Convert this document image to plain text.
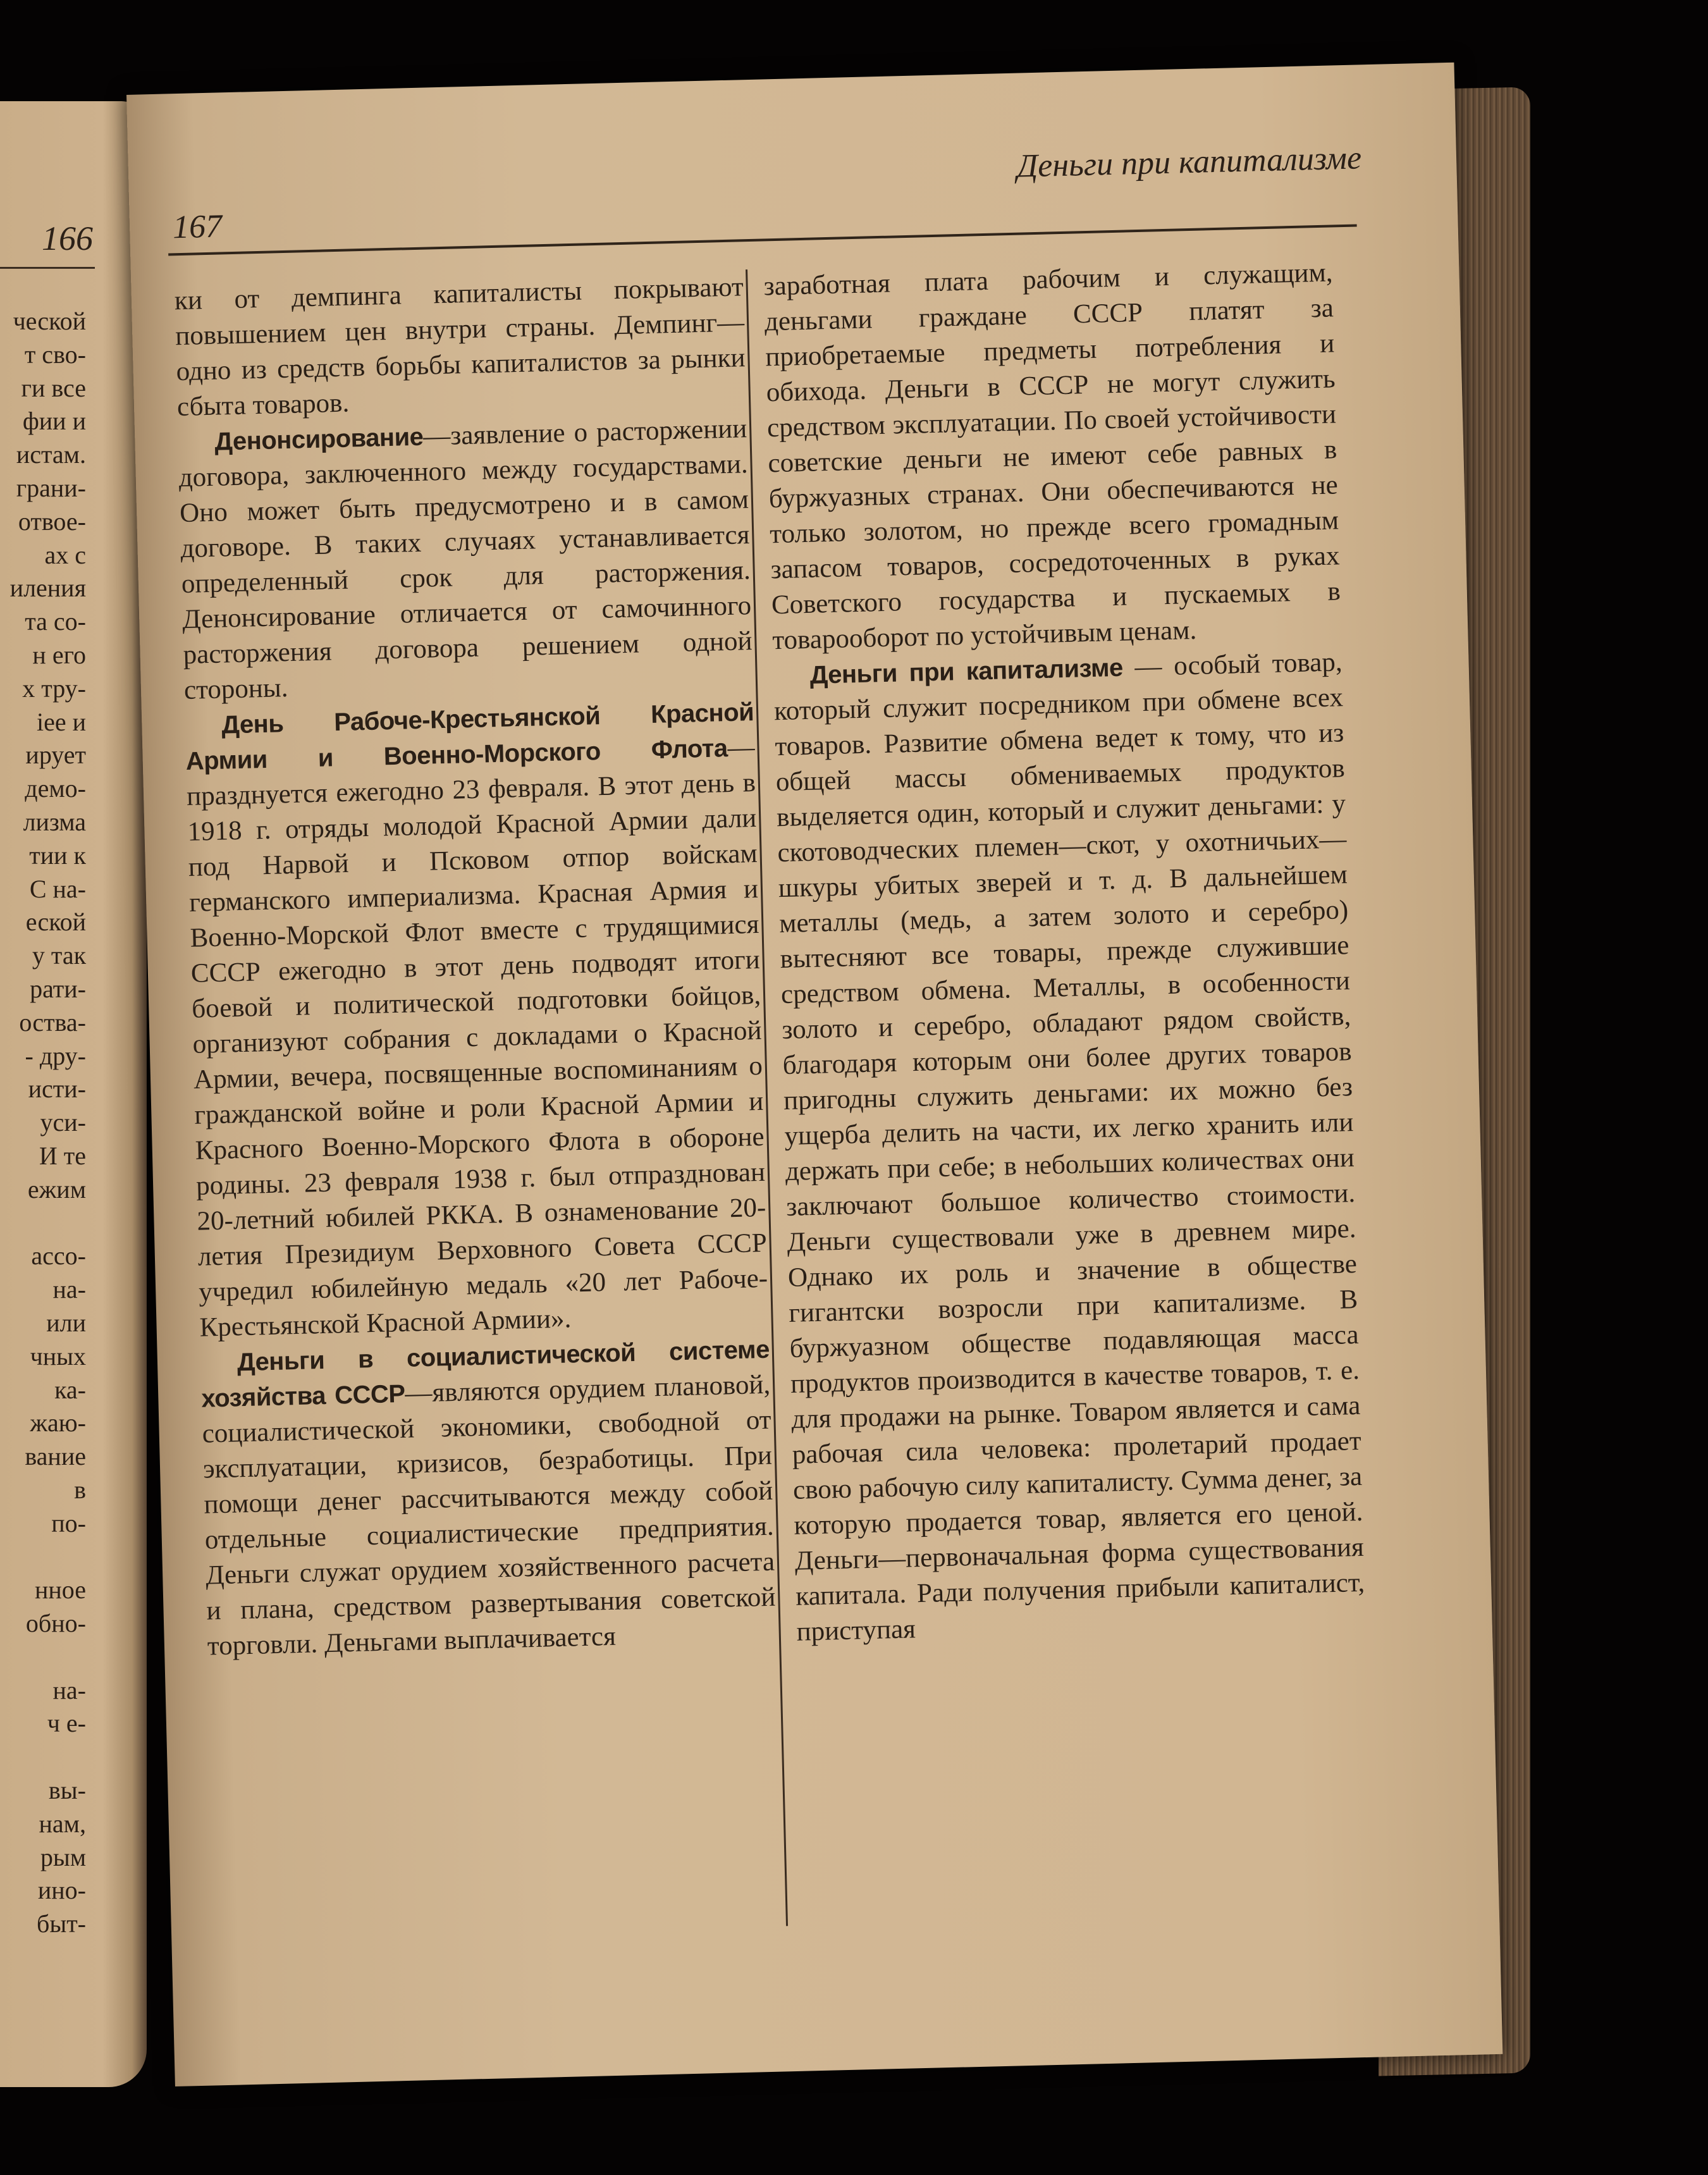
166
ческой
т сво-
ги все
фии и
истам.
грани-
отвое-
ах с
иления
та со-
н его
х тру-
iее и
ирует
демо-
лизма
тии к
С на-
еской
у так
рати-
оства-
- дру-
исти-
уси-
И те
ежим
ассо-
на-
или
чных
ка-
жаю-
вание
в
по-
нное
обно-
на-
ч е-
вы-
нам,
рым
ино-
быт-
Деньги при капитализме
167

ки от демпинга капиталисты покрывают повышением цен внутри страны. Демпинг—одно из средств борьбы капиталистов за рынки сбыта товаров.

Денонсирование—заявление о расторжении договора, заключенного между государствами. Оно может быть предусмотрено и в самом договоре. В таких случаях устанавливается определенный срок для расторжения. Денонсирование отличается от самочинного расторжения договора решением одной стороны.

День Рабоче-Крестьянской Красной Армии и Военно-Морского Флота—празднуется ежегодно 23 февраля. В этот день в 1918 г. отряды молодой Красной Армии дали под Нарвой и Псковом отпор войскам германского империализма. Красная Армия и Военно-Морской Флот вместе с трудящимися СССР ежегодно в этот день подводят итоги боевой и политической подготовки бойцов, организуют собрания с докладами о Красной Армии, вечера, посвященные воспоминаниям о гражданской войне и роли Красной Армии и Красного Военно-Морского Флота в обороне родины. 23 февраля 1938 г. был отпразднован 20-летний юбилей РККА. В ознаменование 20-летия Президиум Верховного Совета СССР учредил юбилейную медаль «20 лет Рабоче-Крестьянской Красной Армии».

Деньги в социалистической системе хозяйства СССР—являются орудием плановой, социалистической экономики, свободной от эксплуатации, кризисов, безработицы. При помощи денег рассчитываются между собой отдельные социалистические предприятия. Деньги служат орудием хозяйственного расчета и плана, средством развертывания советской торговли. Деньгами выплачивается

заработная плата рабочим и служащим, деньгами граждане СССР платят за приобретаемые предметы потребления и обихода. Деньги в СССР не могут служить средством эксплуатации. По своей устойчивости советские деньги не имеют себе равных в буржуазных странах. Они обеспечиваются не только золотом, но прежде всего громадным запасом товаров, сосредоточенных в руках Советского государства и пускаемых в товарооборот по устойчивым ценам.

Деньги при капитализме — особый товар, который служит посредником при обмене всех товаров. Развитие обмена ведет к тому, что из общей массы обмениваемых продуктов выделяется один, который и служит деньгами: у скотоводческих племен—скот, у охотничьих—шкуры убитых зверей и т. д. В дальнейшем металлы (медь, а затем золото и серебро) вытесняют все товары, прежде служившие средством обмена. Металлы, в особенности золото и серебро, обладают рядом свойств, благодаря которым они более других товаров пригодны служить деньгами: их можно без ущерба делить на части, их легко хранить или держать при себе; в небольших количествах они заключают большое количество стоимости. Деньги существовали уже в древнем мире. Однако их роль и значение в обществе гигантски возросли при капитализме. В буржуазном обществе подавляющая масса продуктов производится в качестве товаров, т. е. для продажи на рынке. Товаром является и сама рабочая сила человека: пролетарий продает свою рабочую силу капиталисту. Сумма денег, за которую продается товар, является его ценой. Деньги—первоначальная форма существования капитала. Ради получения прибыли капиталист, приступая
